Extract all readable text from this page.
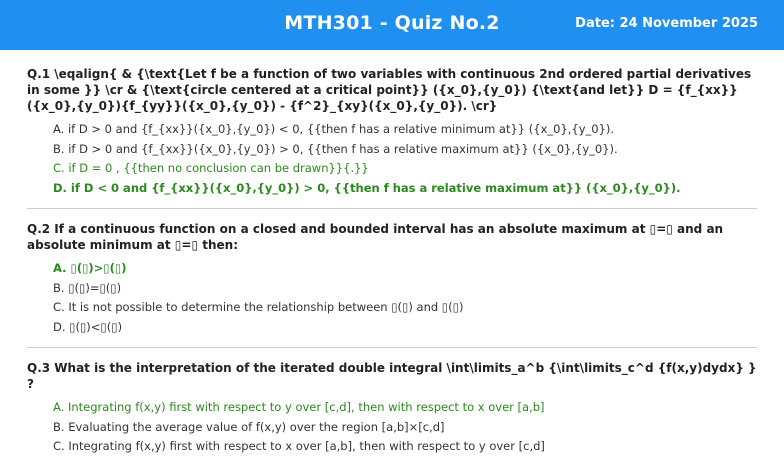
MTH301 - Quiz No.2	Date: 24 November 2025
Q.1 \eqalign{ & {\text{Let f be a function of two variables with continuous 2nd ordered partial derivatives in some }} \cr & {\text{circle centered at a critical point}} ({x_0},{y_0}) {\text{and let}} D = {f_{xx}}({x_0},{y_0}){f_{yy}}({x_0},{y_0}) - {f^2}_{xy}({x_0},{y_0}). \cr}
A. if D > 0 and {f_{xx}}({x_0},{y_0}) < 0, {{then f has a relative minimum at}} ({x_0},{y_0}).
B. if D > 0 and {f_{xx}}({x_0},{y_0}) > 0, {{then f has a relative maximum at}} ({x_0},{y_0}).
C. if D = 0 , {{then no conclusion can be drawn}}{.}}
D. if D < 0 and {f_{xx}}({x_0},{y_0}) > 0, {{then f has a relative maximum at}} ({x_0},{y_0}).
Q.2 If a continuous function on a closed and bounded interval has an absolute maximum at ▯=▯ and an absolute minimum at ▯=▯ then:
A. ▯(▯)>▯(▯)
B. ▯(▯)=▯(▯)
C. It is not possible to determine the relationship between ▯(▯) and ▯(▯)
D. ▯(▯)<▯(▯)
Q.3 What is the interpretation of the iterated double integral \int\limits_a^b {\int\limits_c^d {f(x,y)dydx} } ?
A. Integrating f(x,y) first with respect to y over [c,d], then with respect to x over [a,b]
B. Evaluating the average value of f(x,y) over the region [a,b]×[c,d]
C. Integrating f(x,y) first with respect to x over [a,b], then with respect to y over [c,d]
